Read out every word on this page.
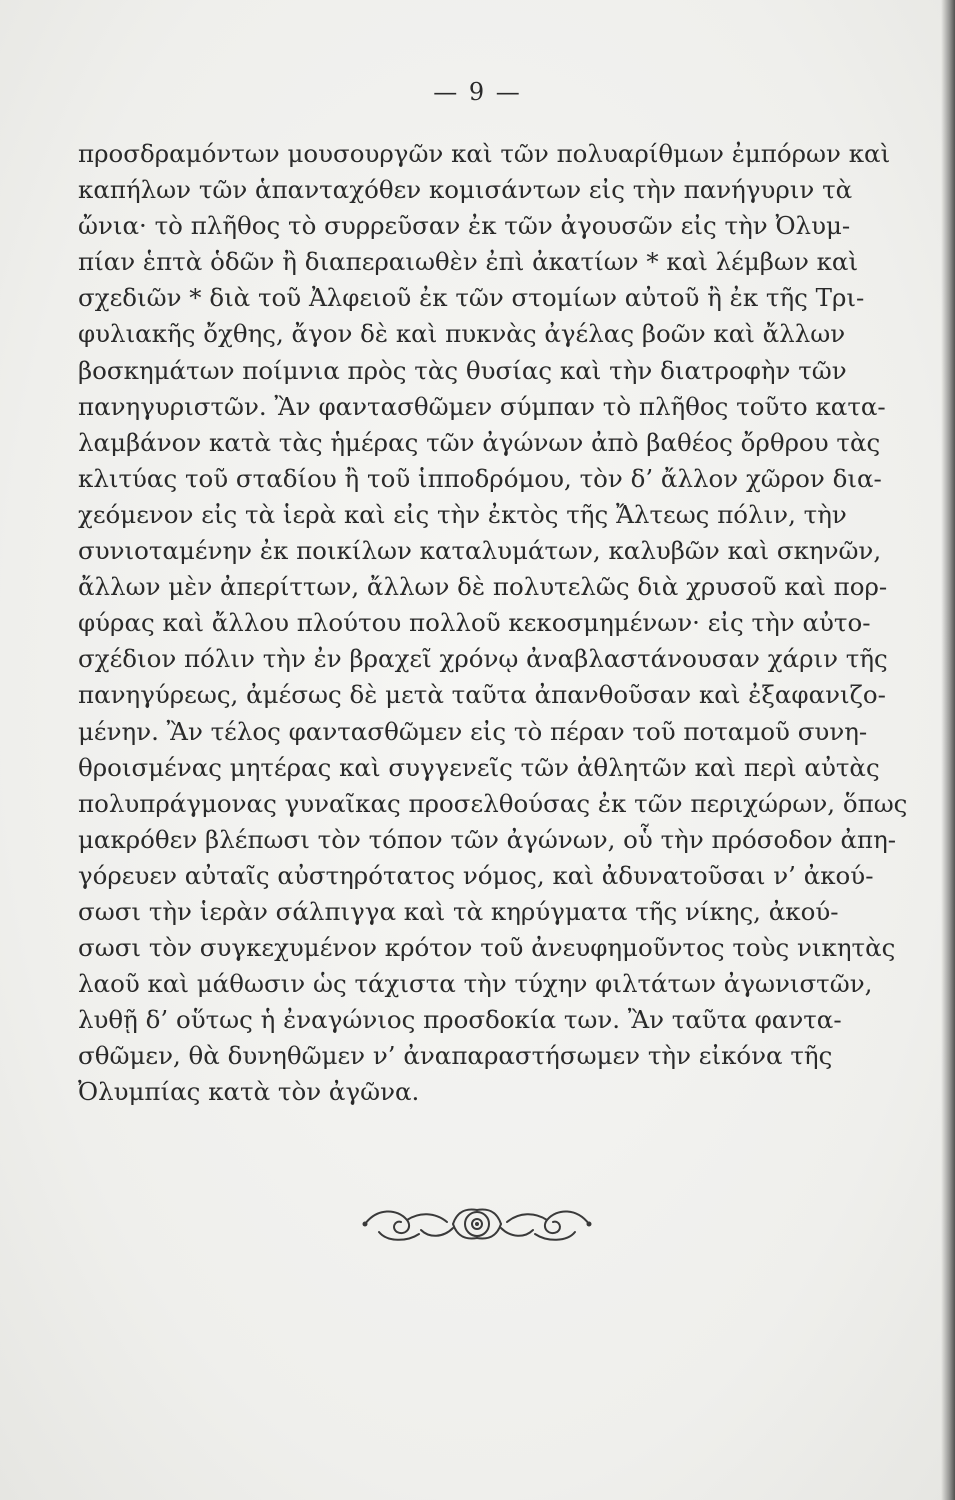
— 9 —
προσδραμόντων μουσουργῶν καὶ τῶν πολυαρίθμων ἐμπόρων καὶ
καπήλων τῶν ἁπανταχόθεν κομισάντων εἰς τὴν πανήγυριν τὰ
ὤνια· τὸ πλῆθος τὸ συρρεῦσαν ἐκ τῶν ἀγουσῶν εἰς τὴν Ὀλυμ-
πίαν ἑπτὰ ὁδῶν ἢ διαπεραιωθὲν ἐπὶ ἀκατίων * καὶ λέμβων καὶ
σχεδιῶν * διὰ τοῦ Ἀλφειοῦ ἐκ τῶν στομίων αὐτοῦ ἢ ἐκ τῆς Τρι-
φυλιακῆς ὄχθης, ἄγον δὲ καὶ πυκνὰς ἀγέλας βοῶν καὶ ἄλλων
βοσκημάτων ποίμνια πρὸς τὰς θυσίας καὶ τὴν διατροφὴν τῶν
πανηγυριστῶν. Ἂν φαντασθῶμεν σύμπαν τὸ πλῆθος τοῦτο κατα-
λαμβάνον κατὰ τὰς ἡμέρας τῶν ἀγώνων ἀπὸ βαθέος ὄρθρου τὰς
κλιτύας τοῦ σταδίου ἢ τοῦ ἱπποδρόμου, τὸν δ’ ἄλλον χῶρον δια-
χεόμενον εἰς τὰ ἱερὰ καὶ εἰς τὴν ἐκτὸς τῆς Ἄλτεως πόλιν, τὴν
συνιοταμένην ἐκ ποικίλων καταλυμάτων, καλυβῶν καὶ σκηνῶν,
ἄλλων μὲν ἀπερίττων, ἄλλων δὲ πολυτελῶς διὰ χρυσοῦ καὶ πορ-
φύρας καὶ ἄλλου πλούτου πολλοῦ κεκοσμημένων· εἰς τὴν αὐτο-
σχέδιον πόλιν τὴν ἐν βραχεῖ χρόνῳ ἀναβλαστάνουσαν χάριν τῆς
πανηγύρεως, ἀμέσως δὲ μετὰ ταῦτα ἀπανθοῦσαν καὶ ἐξαφανιζο-
μένην. Ἂν τέλος φαντασθῶμεν εἰς τὸ πέραν τοῦ ποταμοῦ συνη-
θροισμένας μητέρας καὶ συγγενεῖς τῶν ἀθλητῶν καὶ περὶ αὐτὰς
πολυπράγμονας γυναῖκας προσελθούσας ἐκ τῶν περιχώρων, ὅπως
μακρόθεν βλέπωσι τὸν τόπον τῶν ἀγώνων, οὗ τὴν πρόσοδον ἀπη-
γόρευεν αὐταῖς αὐστηρότατος νόμος, καὶ ἀδυνατοῦσαι ν’ ἀκού-
σωσι τὴν ἱερὰν σάλπιγγα καὶ τὰ κηρύγματα τῆς νίκης, ἀκού-
σωσι τὸν συγκεχυμένον κρότον τοῦ ἀνευφημοῦντος τοὺς νικητὰς
λαοῦ καὶ μάθωσιν ὡς τάχιστα τὴν τύχην φιλτάτων ἀγωνιστῶν,
λυθῇ δ’ οὕτως ἡ ἐναγώνιος προσδοκία των. Ἂν ταῦτα φαντα-
σθῶμεν, θὰ δυνηθῶμεν ν’ ἀναπαραστήσωμεν τὴν εἰκόνα τῆς
Ὀλυμπίας κατὰ τὸν ἀγῶνα.
